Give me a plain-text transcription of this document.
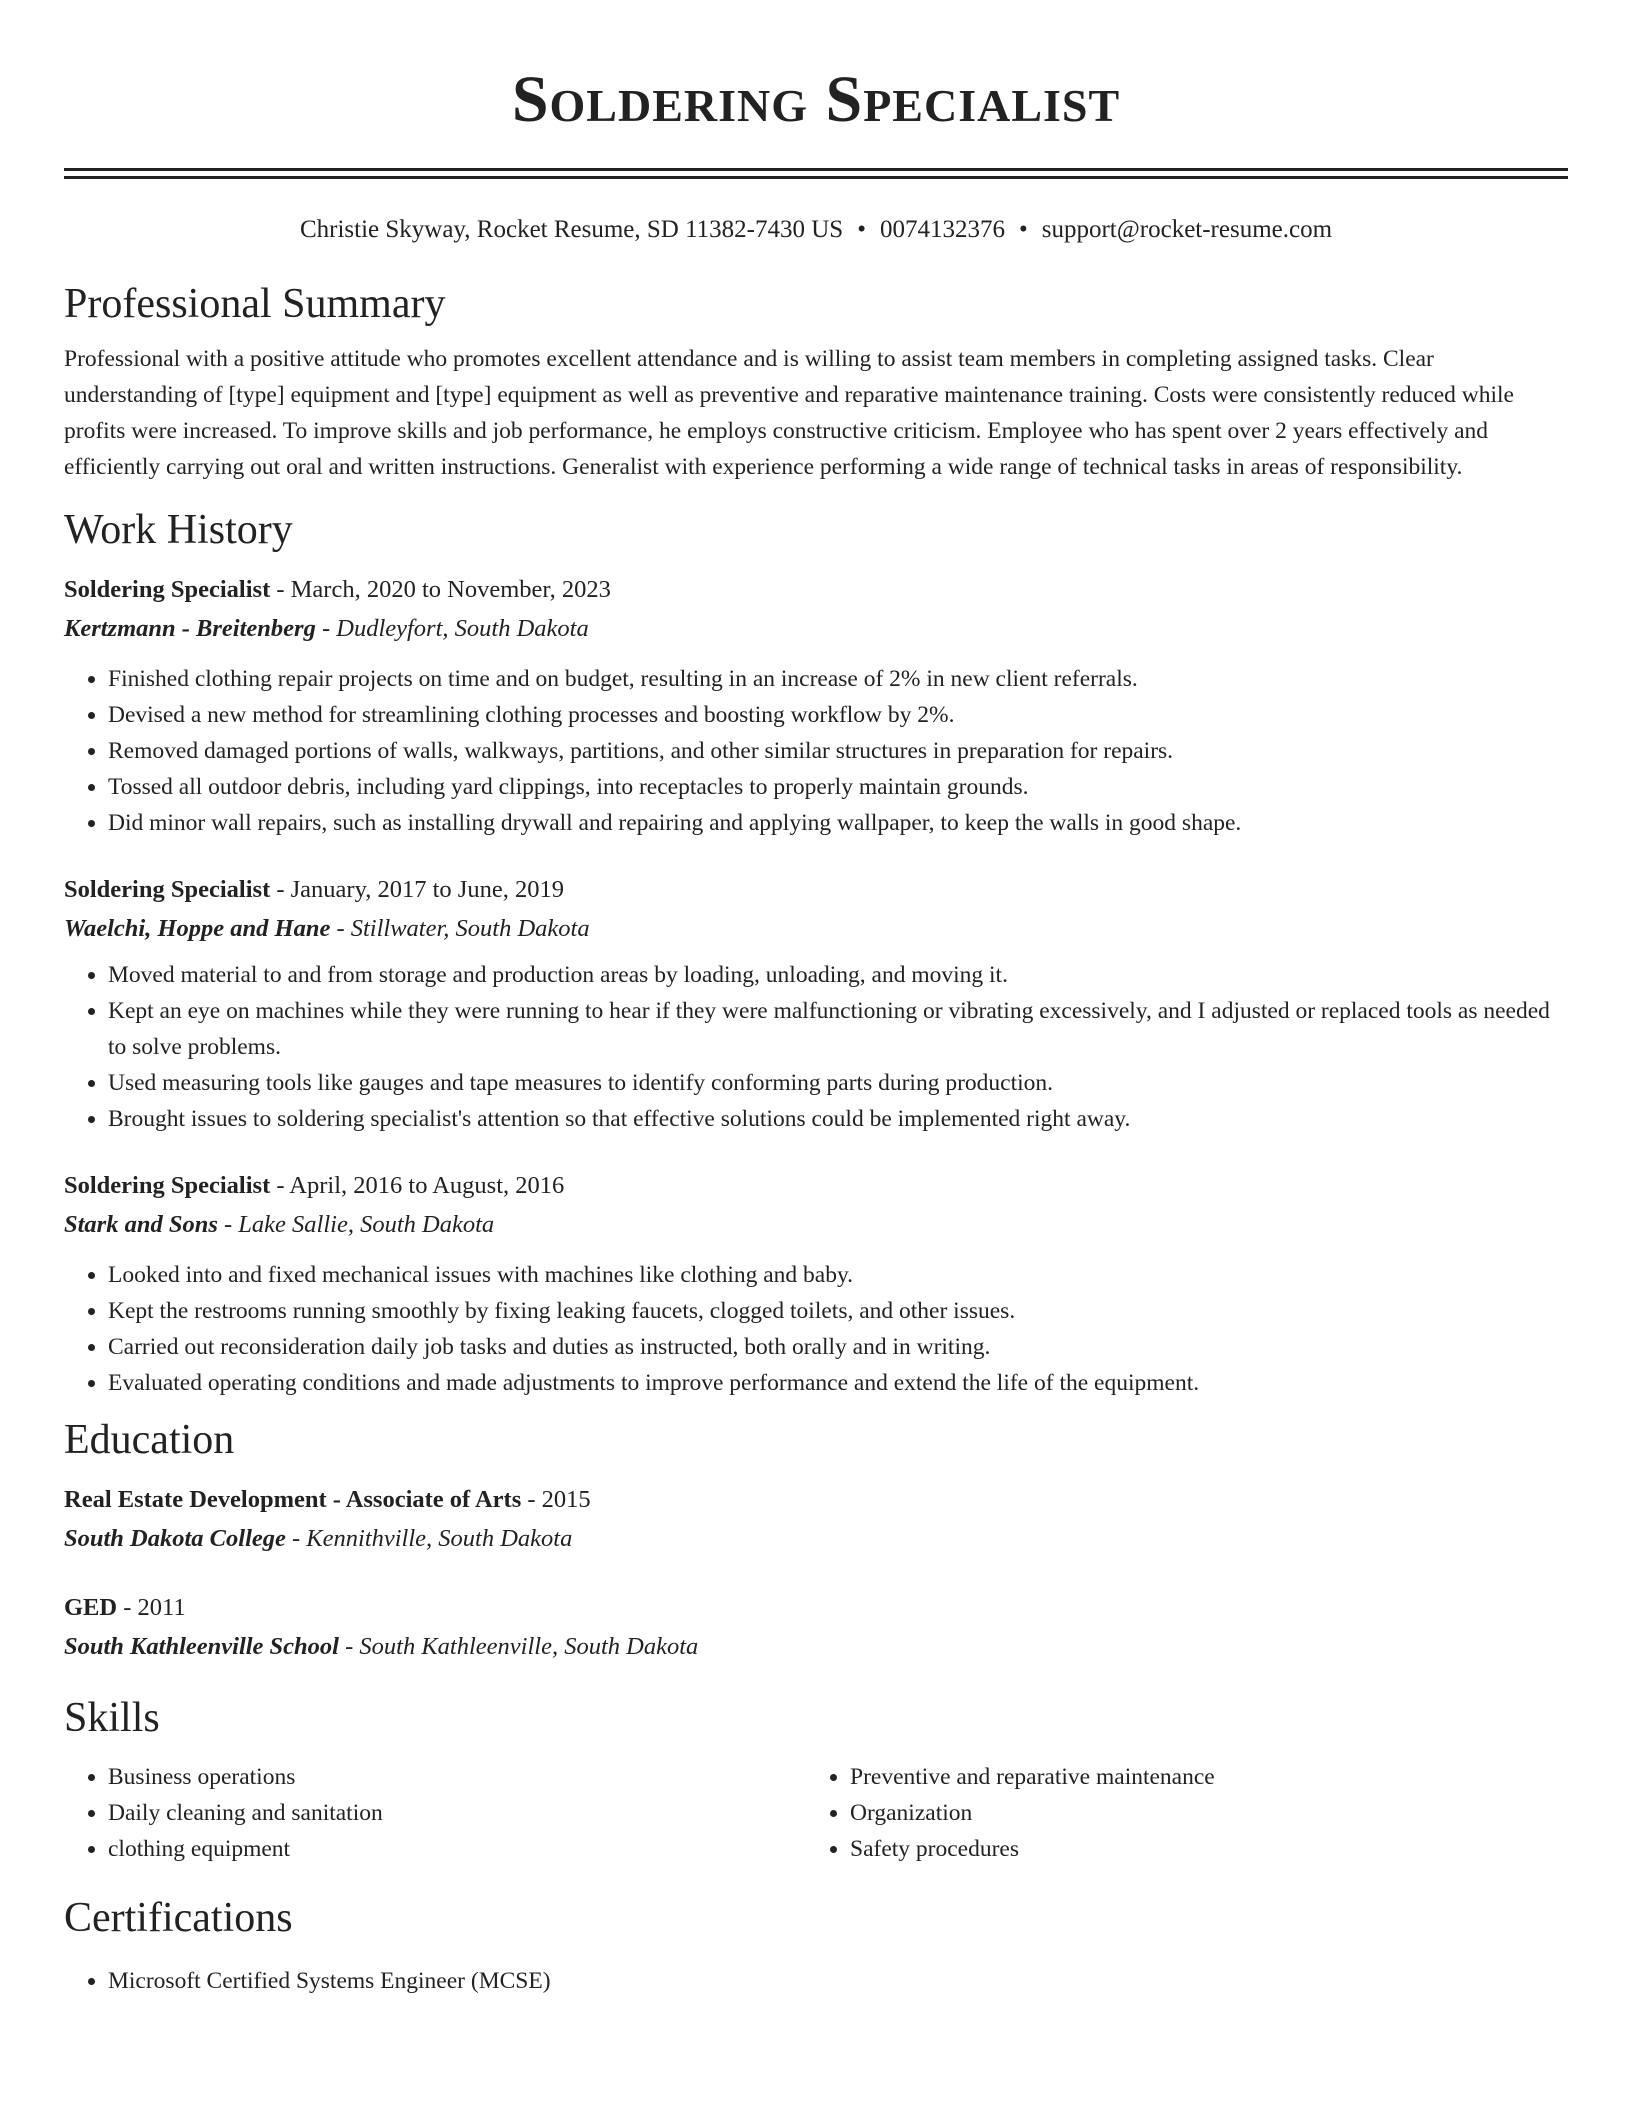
Soldering Specialist
Christie Skyway, Rocket Resume, SD 11382-7430 US • 0074132376 • support@rocket-resume.com
Professional Summary

Professional with a positive attitude who promotes excellent attendance and is willing to assist team members in completing assigned tasks. Clear understanding of [type] equipment and [type] equipment as well as preventive and reparative maintenance training. Costs were consistently reduced while profits were increased. To improve skills and job performance, he employs constructive criticism. Employee who has spent over 2 years effectively and efficiently carrying out oral and written instructions. Generalist with experience performing a wide range of technical tasks in areas of responsibility.

Work History

Soldering Specialist - March, 2020 to November, 2023

Kertzmann - Breitenberg - Dudleyfort, South Dakota

• Finished clothing repair projects on time and on budget, resulting in an increase of 2% in new client referrals.
• Devised a new method for streamlining clothing processes and boosting workflow by 2%.
• Removed damaged portions of walls, walkways, partitions, and other similar structures in preparation for repairs.
• Tossed all outdoor debris, including yard clippings, into receptacles to properly maintain grounds.
• Did minor wall repairs, such as installing drywall and repairing and applying wallpaper, to keep the walls in good shape.

Soldering Specialist - January, 2017 to June, 2019

Waelchi, Hoppe and Hane - Stillwater, South Dakota

• Moved material to and from storage and production areas by loading, unloading, and moving it.
• Kept an eye on machines while they were running to hear if they were malfunctioning or vibrating excessively, and I adjusted or replaced tools as needed to solve problems.
• Used measuring tools like gauges and tape measures to identify conforming parts during production.
• Brought issues to soldering specialist's attention so that effective solutions could be implemented right away.

Soldering Specialist - April, 2016 to August, 2016

Stark and Sons - Lake Sallie, South Dakota

• Looked into and fixed mechanical issues with machines like clothing and baby.
• Kept the restrooms running smoothly by fixing leaking faucets, clogged toilets, and other issues.
• Carried out reconsideration daily job tasks and duties as instructed, both orally and in writing.
• Evaluated operating conditions and made adjustments to improve performance and extend the life of the equipment.
Education

Real Estate Development - Associate of Arts - 2015

South Dakota College - Kennithville, South Dakota

GED - 2011

South Kathleenville School - South Kathleenville, South Dakota

Skills
• Business operations
• Daily cleaning and sanitation
• clothing equipment
• Preventive and reparative maintenance
• Organization
• Safety procedures
Certifications
• Microsoft Certified Systems Engineer (MCSE)
